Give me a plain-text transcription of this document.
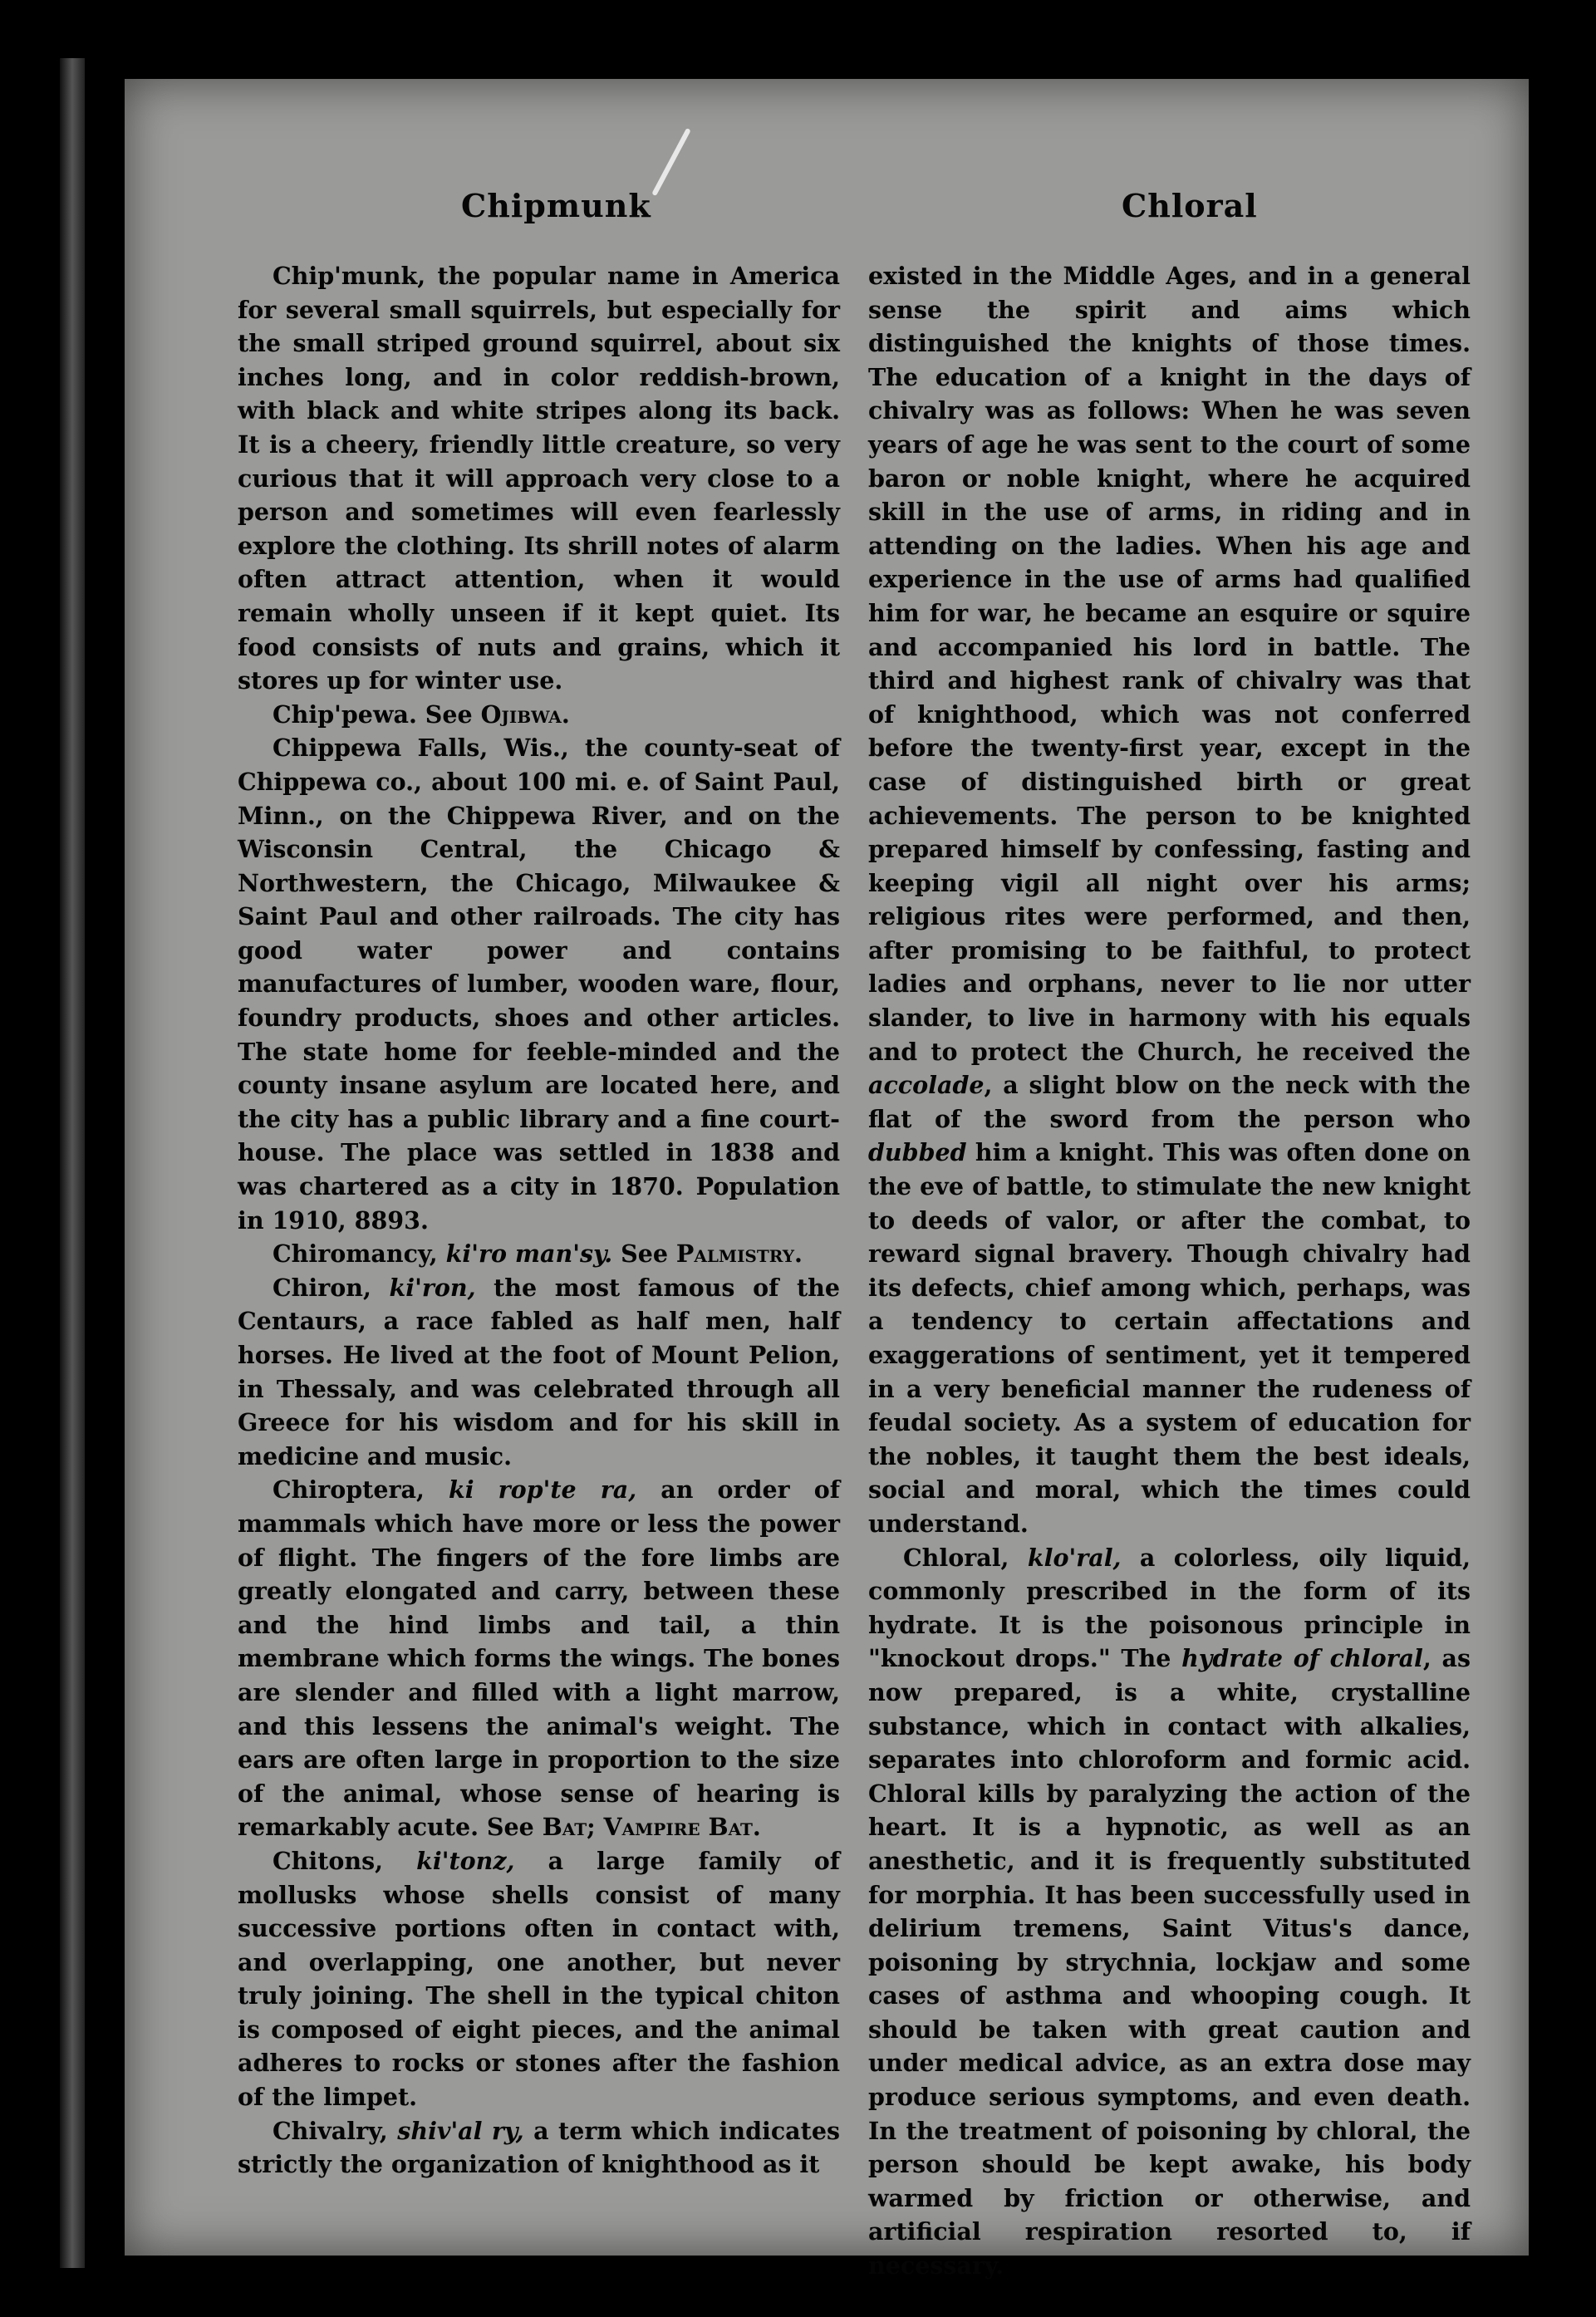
Chipmunk	Chloral

Chip'munk, the popular name in America for several small squirrels, but especially for the small striped ground squirrel, about six inches long, and in color reddish-brown, with black and white stripes along its back. It is a cheery, friendly little creature, so very curious that it will approach very close to a person and sometimes will even fearlessly explore the clothing. Its shrill notes of alarm often attract attention, when it would remain wholly unseen if it kept quiet. Its food consists of nuts and grains, which it stores up for winter use.

Chip'pewa. See Ojibwa.

Chippewa Falls, Wis., the county-seat of Chippewa co., about 100 mi. e. of Saint Paul, Minn., on the Chippewa River, and on the Wisconsin Central, the Chicago & Northwestern, the Chicago, Milwaukee & Saint Paul and other railroads. The city has good water power and contains manufactures of lumber, wooden ware, flour, foundry products, shoes and other articles. The state home for feeble-minded and the county insane asylum are located here, and the city has a public library and a fine court-house. The place was settled in 1838 and was chartered as a city in 1870. Population in 1910, 8893.

Chiromancy, ki'ro man'sy. See Palmistry.

Chiron, ki'ron, the most famous of the Centaurs, a race fabled as half men, half horses. He lived at the foot of Mount Pelion, in Thessaly, and was celebrated through all Greece for his wisdom and for his skill in medicine and music.

Chiroptera, ki rop'te ra, an order of mammals which have more or less the power of flight. The fingers of the fore limbs are greatly elongated and carry, between these and the hind limbs and tail, a thin membrane which forms the wings. The bones are slender and filled with a light marrow, and this lessens the animal's weight. The ears are often large in proportion to the size of the animal, whose sense of hearing is remarkably acute. See Bat; Vampire Bat.

Chitons, ki'tonz, a large family of mollusks whose shells consist of many successive portions often in contact with, and overlapping, one another, but never truly joining. The shell in the typical chiton is composed of eight pieces, and the animal adheres to rocks or stones after the fashion of the limpet.

Chivalry, shiv'al ry, a term which indicates strictly the organization of knighthood as it

existed in the Middle Ages, and in a general sense the spirit and aims which distinguished the knights of those times. The education of a knight in the days of chivalry was as follows: When he was seven years of age he was sent to the court of some baron or noble knight, where he acquired skill in the use of arms, in riding and in attending on the ladies. When his age and experience in the use of arms had qualified him for war, he became an esquire or squire and accompanied his lord in battle. The third and highest rank of chivalry was that of knighthood, which was not conferred before the twenty-first year, except in the case of distinguished birth or great achievements. The person to be knighted prepared himself by confessing, fasting and keeping vigil all night over his arms; religious rites were performed, and then, after promising to be faithful, to protect ladies and orphans, never to lie nor utter slander, to live in harmony with his equals and to protect the Church, he received the accolade, a slight blow on the neck with the flat of the sword from the person who dubbed him a knight. This was often done on the eve of battle, to stimulate the new knight to deeds of valor, or after the combat, to reward signal bravery. Though chivalry had its defects, chief among which, perhaps, was a tendency to certain affectations and exaggerations of sentiment, yet it tempered in a very beneficial manner the rudeness of feudal society. As a system of education for the nobles, it taught them the best ideals, social and moral, which the times could understand.

Chloral, klo'ral, a colorless, oily liquid, commonly prescribed in the form of its hydrate. It is the poisonous principle in "knockout drops." The hydrate of chloral, as now prepared, is a white, crystalline substance, which in contact with alkalies, separates into chloroform and formic acid. Chloral kills by paralyzing the action of the heart. It is a hypnotic, as well as an anesthetic, and it is frequently substituted for morphia. It has been successfully used in delirium tremens, Saint Vitus's dance, poisoning by strychnia, lockjaw and some cases of asthma and whooping cough. It should be taken with great caution and under medical advice, as an extra dose may produce serious symptoms, and even death. In the treatment of poisoning by chloral, the person should be kept awake, his body warmed by friction or otherwise, and artificial respiration resorted to, if necessary.
